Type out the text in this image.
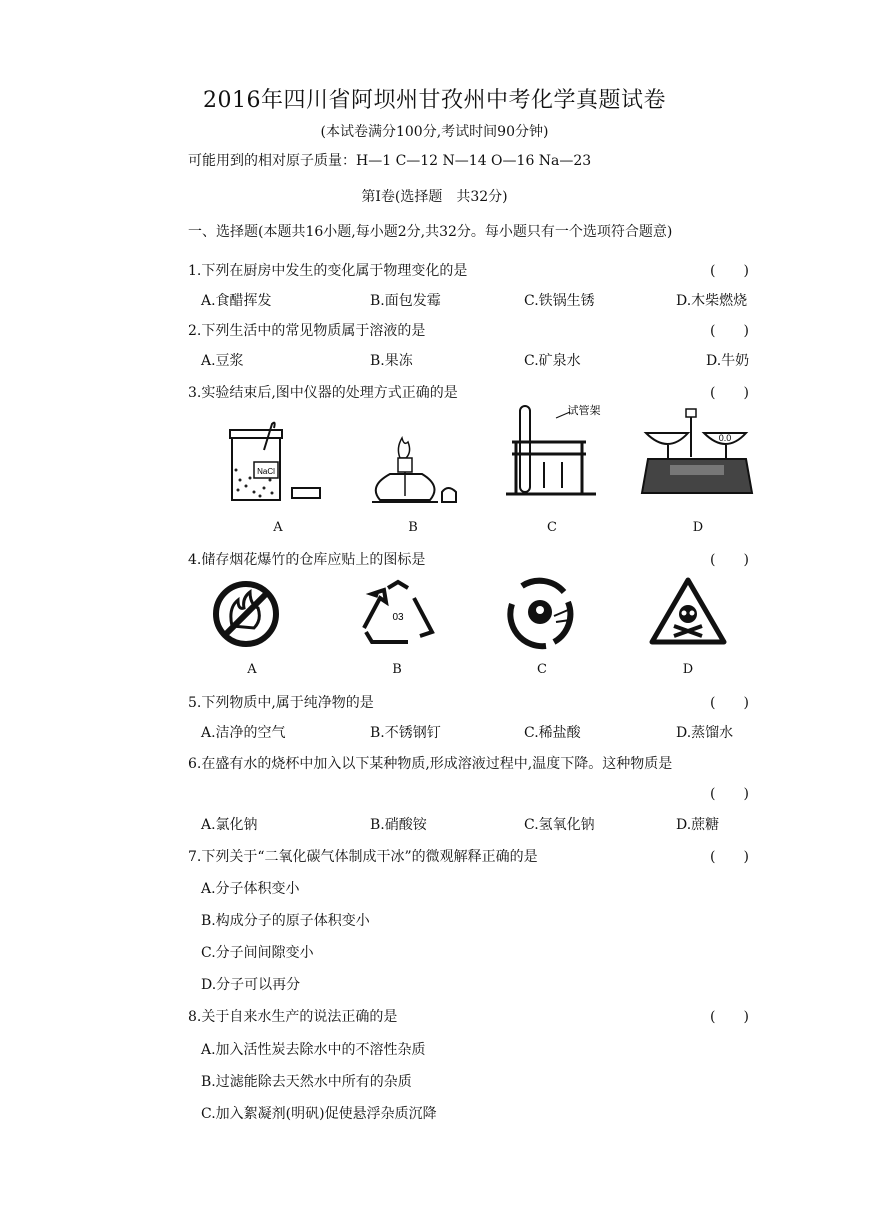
2016年四川省阿坝州甘孜州中考化学真题试卷
(本试卷满分100分,考试时间90分钟)
可能用到的相对原子质量：H—1 C—12 N—14 O—16 Na—23
第Ⅰ卷(选择题　共32分)
一、选择题(本题共16小题,每小题2分,共32分。每小题只有一个选项符合题意)
1.下列在厨房中发生的变化属于物理变化的是	(　　)
A.食醋挥发	B.面包发霉	C.铁锅生锈	D.木柴燃烧
2.下列生活中的常见物质属于溶液的是	(　　)
A.豆浆	B.果冻	C.矿泉水	D.牛奶
3.实验结束后,图中仪器的处理方式正确的是	(　　)
NaCl
试管架
0.0
A	B	C	D
4.储存烟花爆竹的仓库应贴上的图标是	(　　)
03
A	B	C	D
5.下列物质中,属于纯净物的是	(　　)
A.洁净的空气	B.不锈钢钉	C.稀盐酸	D.蒸馏水
6.在盛有水的烧杯中加入以下某种物质,形成溶液过程中,温度下降。这种物质是
(　　)
A.氯化钠	B.硝酸铵	C.氢氧化钠	D.蔗糖
7.下列关于“二氧化碳气体制成干冰”的微观解释正确的是	(　　)
A.分子体积变小
B.构成分子的原子体积变小
C.分子间间隙变小
D.分子可以再分
8.关于自来水生产的说法正确的是	(　　)
A.加入活性炭去除水中的不溶性杂质
B.过滤能除去天然水中所有的杂质
C.加入絮凝剂(明矾)促使悬浮杂质沉降
